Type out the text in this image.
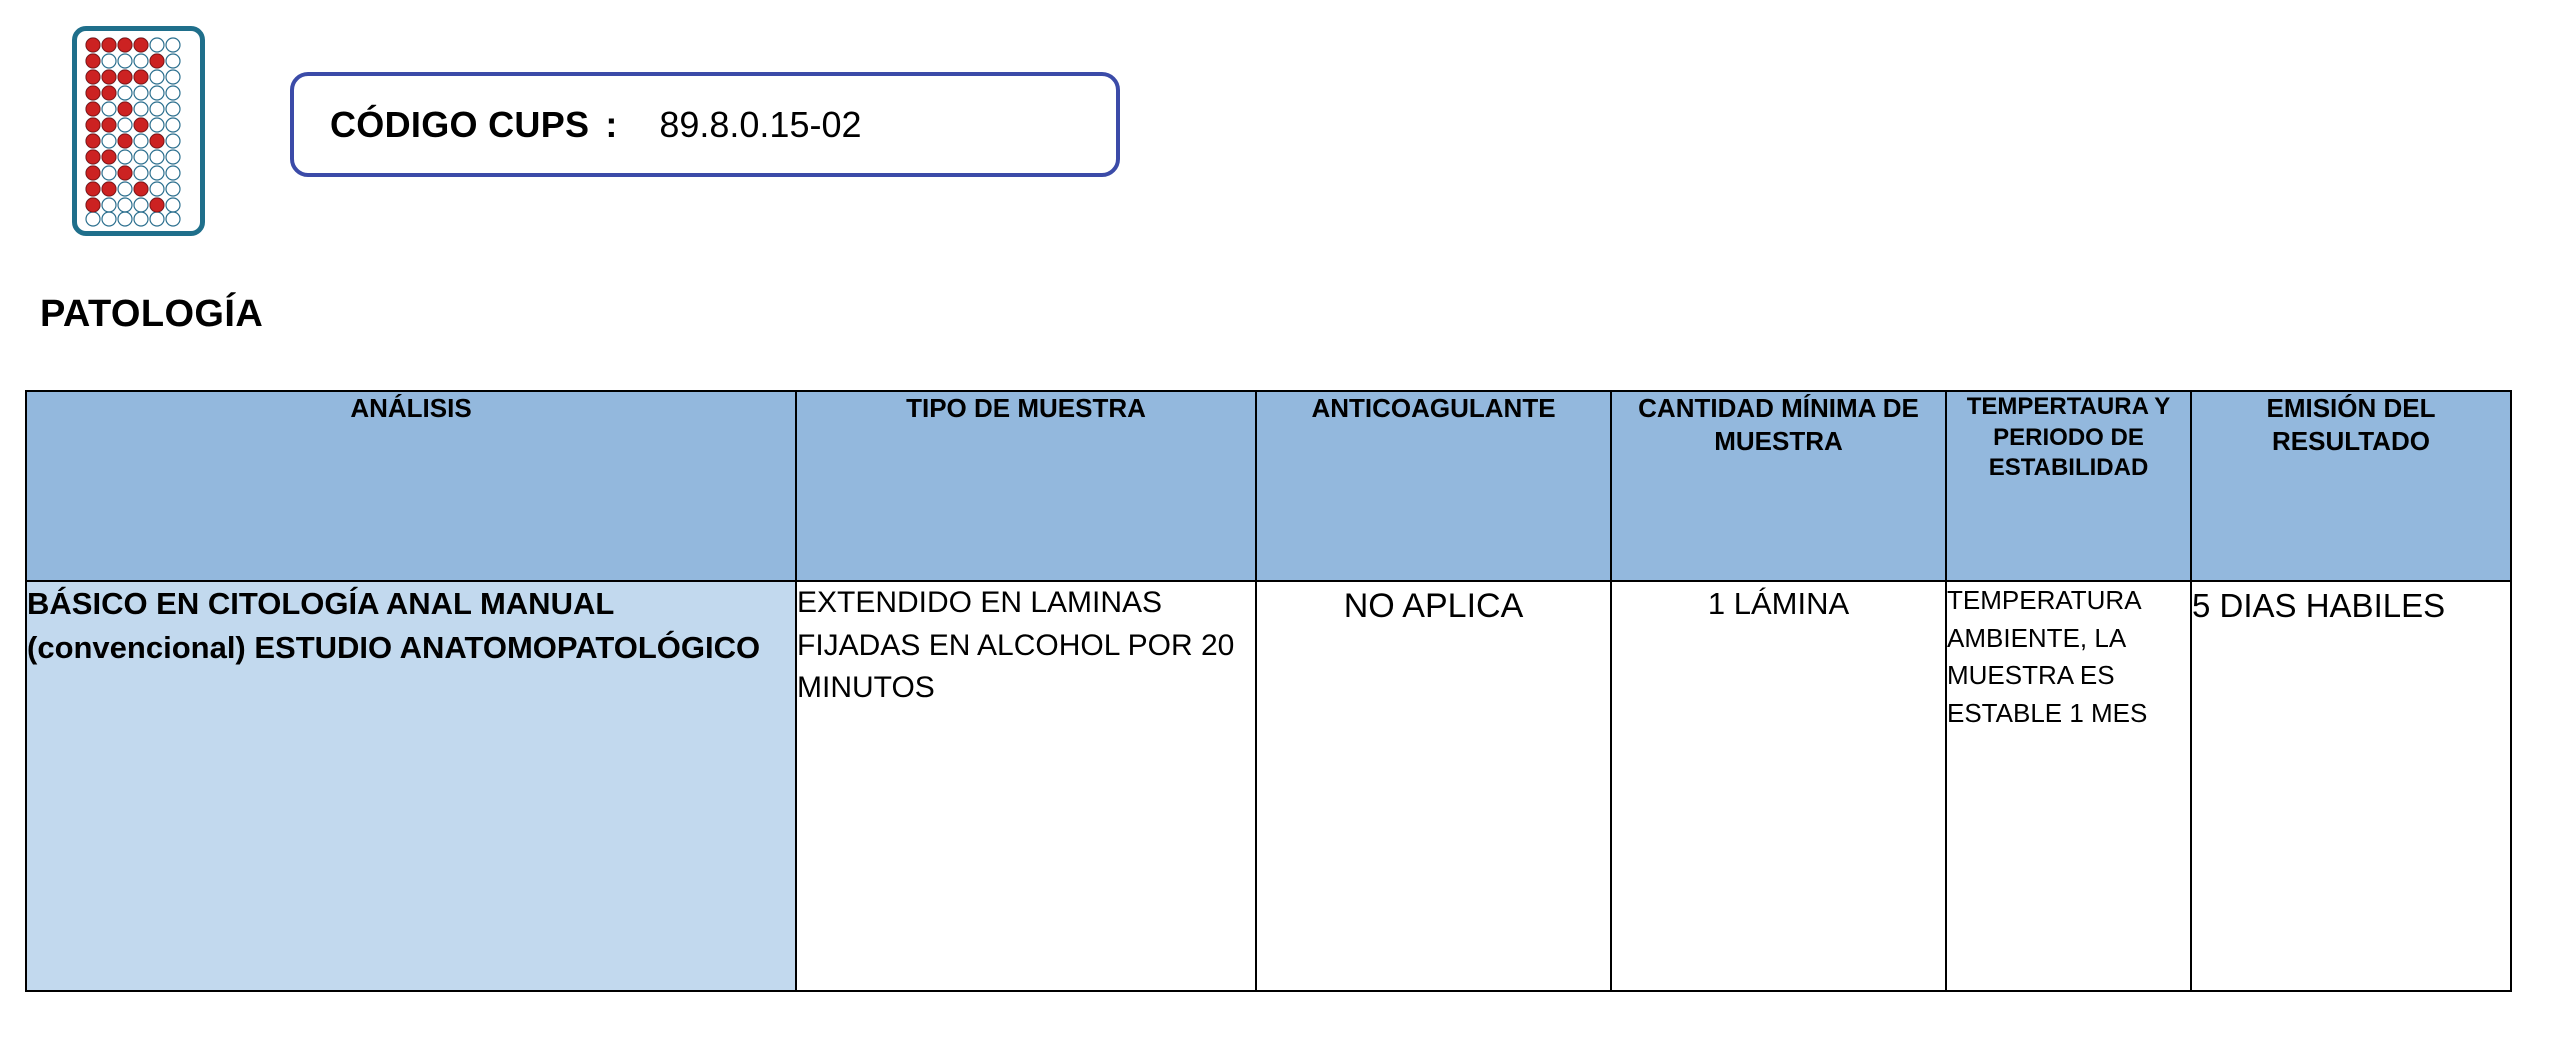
CÓDIGO CUPS : 89.8.0.15-02
PATOLOGÍA
ANÁLISIS	TIPO DE MUESTRA	ANTICOAGULANTE	CANTIDAD MÍNIMA DE MUESTRA	TEMPERTAURA Y PERIODO DE ESTABILIDAD	EMISIÓN DEL RESULTADO
BÁSICO EN CITOLOGÍA ANAL MANUAL (convencional) ESTUDIO ANATOMOPATOLÓGICO	EXTENDIDO EN LAMINAS FIJADAS EN ALCOHOL POR 20 MINUTOS	NO APLICA	1 LÁMINA	TEMPERATURA AMBIENTE, LA MUESTRA ES ESTABLE 1 MES	5 DIAS HABILES
